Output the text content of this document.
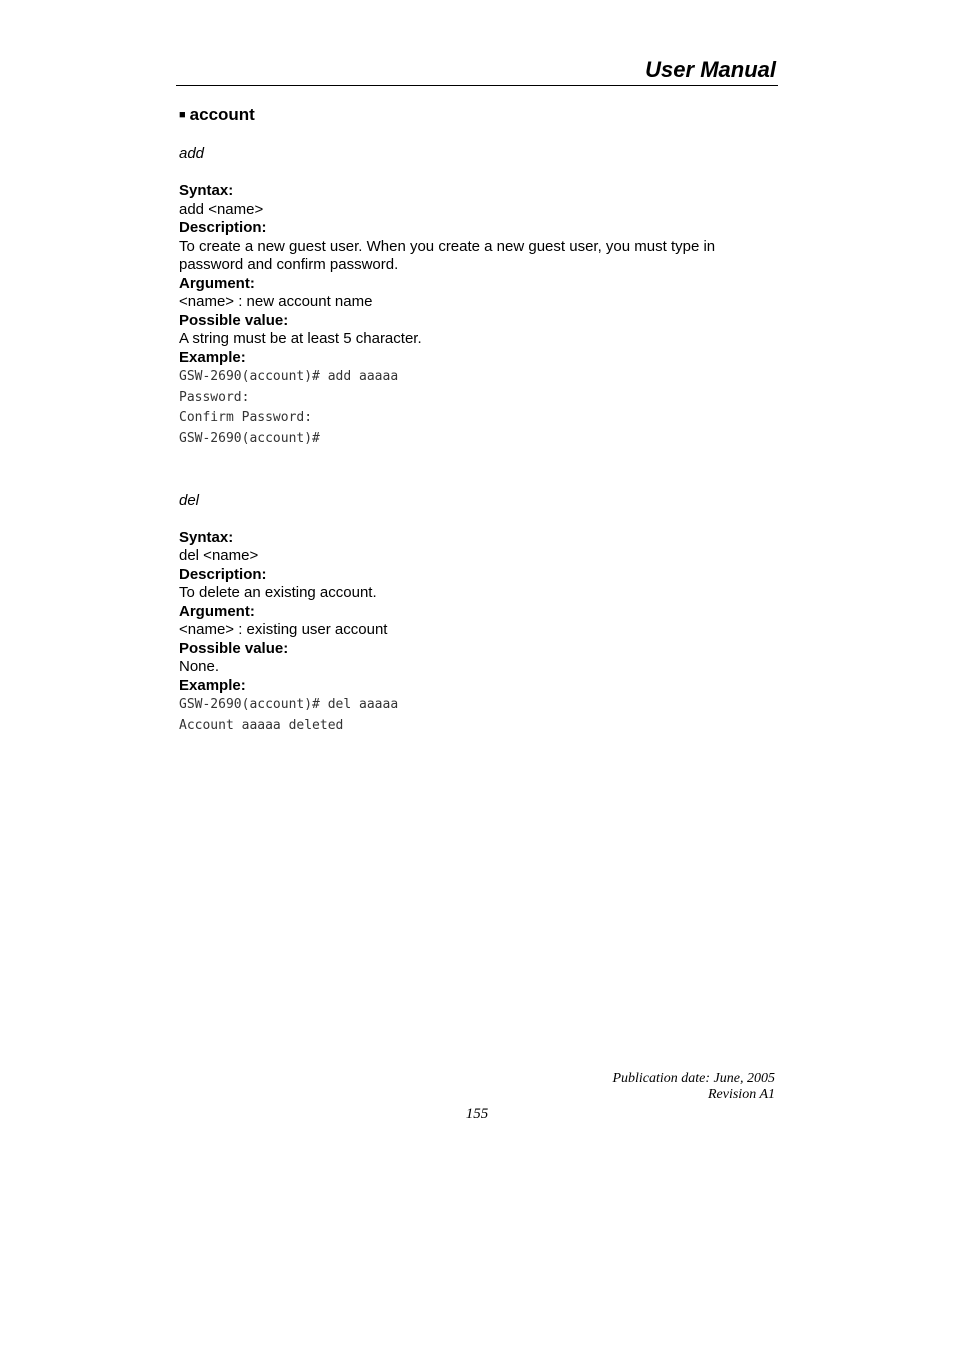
User Manual

■ account

add

Syntax:

add <name>

Description:

To create a new guest user. When you create a new guest user, you must type in

password and confirm password.

Argument:

<name> : new account name

Possible value:

A string must be at least 5 character.

Example:

GSW-2690(account)# add aaaaa

Password:

Confirm Password:

GSW-2690(account)#

del

Syntax:

del <name>

Description:

To delete an existing account.

Argument:

<name> : existing user account

Possible value:

None.

Example:

GSW-2690(account)# del aaaaa

Account aaaaa deleted

Publication date: June, 2005
Revision A1
155
